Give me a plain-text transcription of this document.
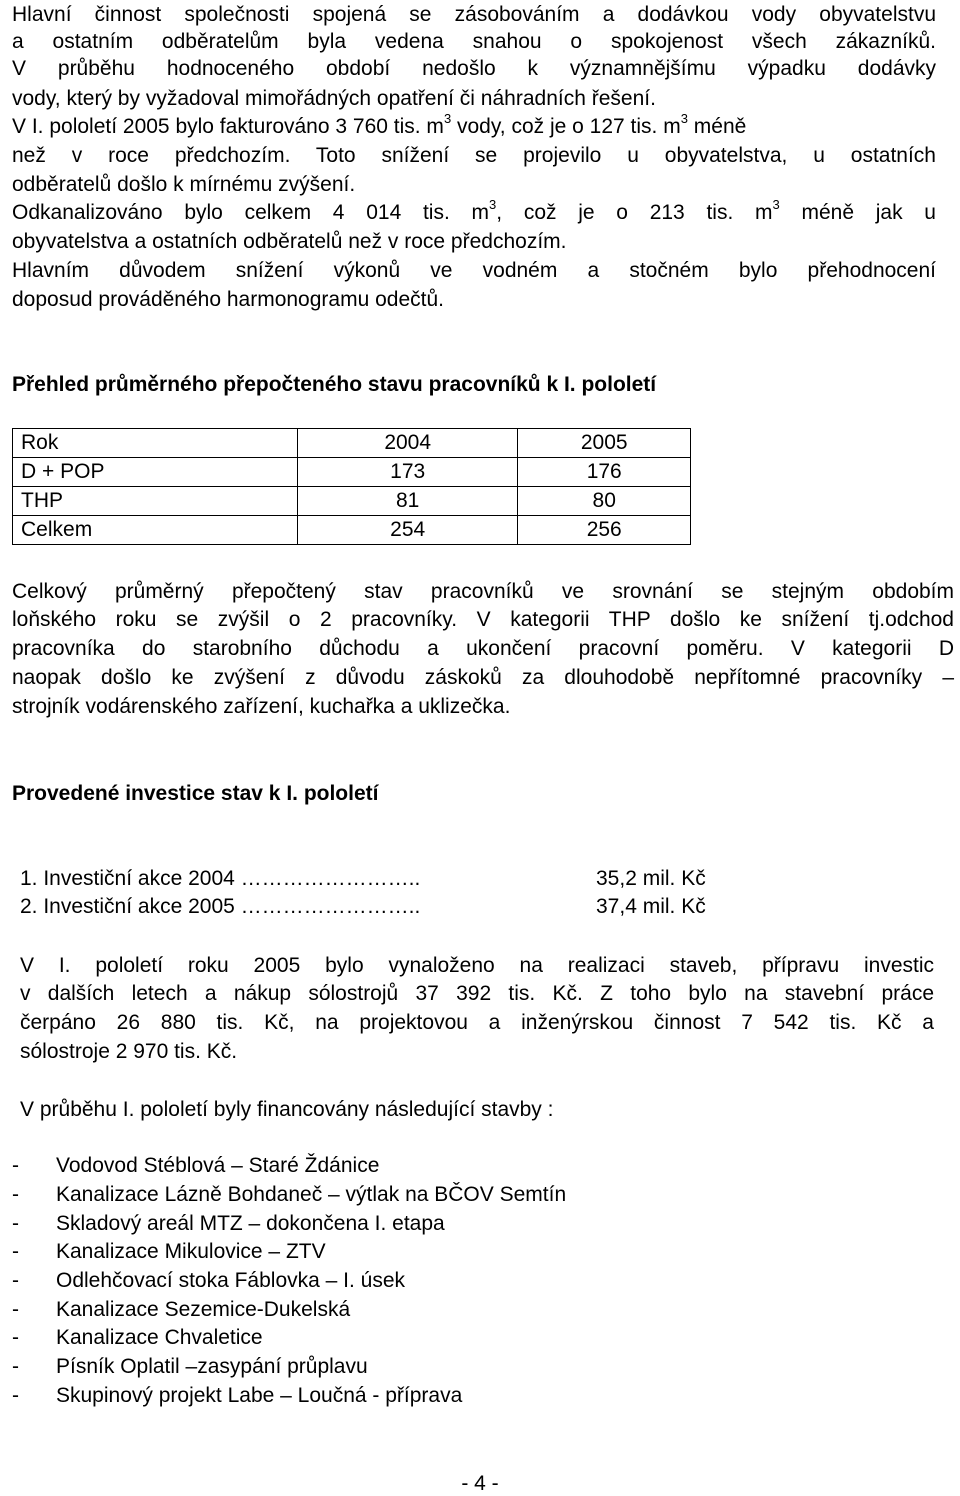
Hlavní činnost společnosti spojená se zásobováním a dodávkou vody obyvatelstvu
a ostatním odběratelům byla vedena snahou o spokojenost všech zákazníků.
V průběhu hodnoceného období nedošlo k významnějšímu výpadku dodávky
vody, který by vyžadoval mimořádných opatření či náhradních řešení.
V I. pololetí 2005 bylo fakturováno 3 760 tis. $m^3$ vody, což je o 127 tis. $m^3$ méně
než v roce předchozím. Toto snížení se projevilo u obyvatelstva, u ostatních
odběratelů došlo k mírnému zvýšení.
Odkanalizováno bylo celkem 4 014 tis. $m^3$, což je o 213 tis. $m^3$ méně jak u
obyvatelstva a ostatních odběratelů než v roce předchozím.
Hlavním důvodem snížení výkonů ve vodném a stočném bylo přehodnocení
doposud prováděného harmonogramu odečtů.
Přehled průměrného přepočteného stavu pracovníků k I. pololetí
Rok	2004	2005
D + POP	173	176
THP	81	80
Celkem	254	256
Celkový průměrný přepočtený stav pracovníků ve srovnání se stejným obdobím
loňského roku se zvýšil o 2 pracovníky. V kategorii THP došlo ke snížení tj.odchod
pracovníka do starobního důchodu a ukončení pracovní poměru. V kategorii D
naopak došlo ke zvýšení z důvodu záskoků za dlouhodobě nepřítomné pracovníky –
strojník vodárenského zařízení, kuchařka a uklizečka.
Provedené investice stav k I. pololetí
1. Investiční akce 2004 ……………………..	35,2 mil. Kč
2. Investiční akce 2005 ……………………..	37,4 mil. Kč
V I. pololetí roku 2005 bylo vynaloženo na realizaci staveb, přípravu investic
v dalších letech a nákup sólostrojů 37 392 tis. Kč. Z toho bylo na stavební práce
čerpáno 26 880 tis. Kč, na projektovou a inženýrskou činnost 7 542 tis. Kč a
sólostroje 2 970 tis. Kč.
V průběhu I. pololetí byly financovány následující stavby :
- Vodovod Stéblová – Staré Ždánice
- Kanalizace Lázně Bohdaneč – výtlak na BČOV Semtín
- Skladový areál MTZ – dokončena I. etapa
- Kanalizace Mikulovice – ZTV
- Odlehčovací stoka Fáblovka – I. úsek
- Kanalizace Sezemice-Dukelská
- Kanalizace Chvaletice
- Písník Oplatil –zasypání průplavu
- Skupinový projekt Labe – Loučná - příprava
- 4 -
